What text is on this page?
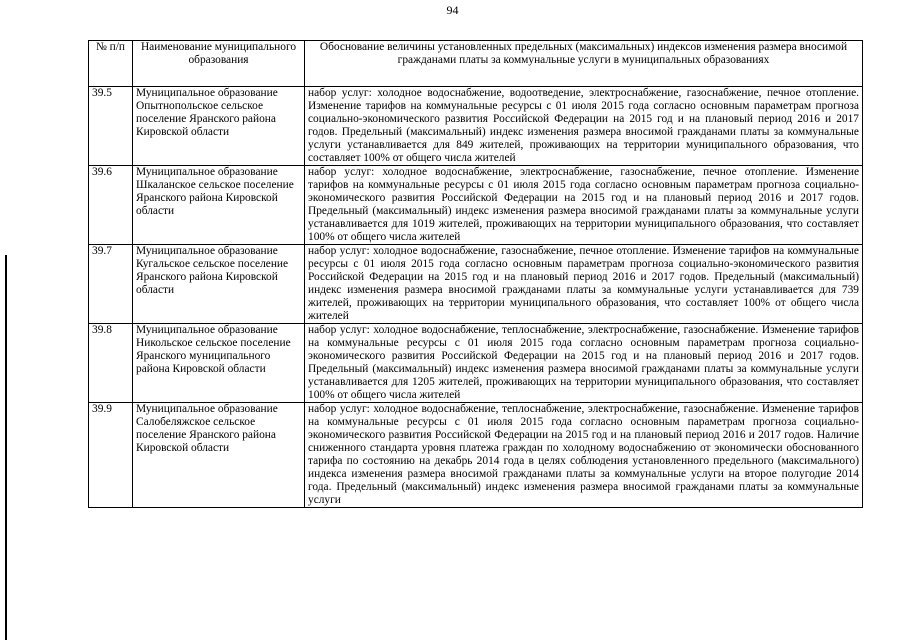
94
№ п/п	Наименование муниципального образования	Обоснование величины установленных предельных (максимальных) индексов изменения размера вносимой гражданами платы за коммунальные услуги в муниципальных образованиях
39.5	Муниципальное образование Опытнопольское сельское поселение Яранского района Кировской области	набор услуг: холодное водоснабжение, водоотведение, электроснабжение, газоснабжение, печное отопление. Изменение тарифов на коммунальные ресурсы с 01 июля 2015 года согласно основным параметрам прогноза социально-экономического развития Российской Федерации на 2015 год и на плановый период 2016 и 2017 годов. Предельный (максимальный) индекс изменения размера вносимой гражданами платы за коммунальные услуги устанавливается для 849 жителей, проживающих на территории муниципального образования, что составляет 100% от общего числа жителей
39.6	Муниципальное образование Шкаланское сельское поселение Яранского района Кировской области	набор услуг: холодное водоснабжение, электроснабжение, газоснабжение, печное отопление. Изменение тарифов на коммунальные ресурсы с 01 июля 2015 года согласно основным параметрам прогноза социально-экономического развития Российской Федерации на 2015 год и на плановый период 2016 и 2017 годов. Предельный (максимальный) индекс изменения размера вносимой гражданами платы за коммунальные услуги устанавливается для 1019 жителей, проживающих на территории муниципального образования, что составляет 100% от общего числа жителей
39.7	Муниципальное образование Кугальское сельское поселение Яранского района Кировской области	набор услуг: холодное водоснабжение, газоснабжение, печное отопление. Изменение тарифов на коммунальные ресурсы с 01 июля 2015 года согласно основным параметрам прогноза социально-экономического развития Российской Федерации на 2015 год и на плановый период 2016 и 2017 годов. Предельный (максимальный) индекс изменения размера вносимой гражданами платы за коммунальные услуги устанавливается для 739 жителей, проживающих на территории муниципального образования, что составляет 100% от общего числа жителей
39.8	Муниципальное образование Никольское сельское поселение Яранского муниципального района Кировской области	набор услуг: холодное водоснабжение, теплоснабжение, электроснабжение, газоснабжение. Изменение тарифов на коммунальные ресурсы с 01 июля 2015 года согласно основным параметрам прогноза социально-экономического развития Российской Федерации на 2015 год и на плановый период 2016 и 2017 годов. Предельный (максимальный) индекс изменения размера вносимой гражданами платы за коммунальные услуги устанавливается для 1205 жителей, проживающих на территории муниципального образования, что составляет 100% от общего числа жителей
39.9	Муниципальное образование Салобеляжское сельское поселение Яранского района Кировской области	набор услуг: холодное водоснабжение, теплоснабжение, электроснабжение, газоснабжение. Изменение тарифов на коммунальные ресурсы с 01 июля 2015 года согласно основным параметрам прогноза социально-экономического развития Российской Федерации на 2015 год и на плановый период 2016 и 2017 годов. Наличие сниженного стандарта уровня платежа граждан по холодному водоснабжению от экономически обоснованного тарифа по состоянию на декабрь 2014 года в целях соблюдения установленного предельного (максимального) индекса изменения размера вносимой гражданами платы за коммунальные услуги на второе полугодие 2014 года. Предельный (максимальный) индекс изменения размера вносимой гражданами платы за коммунальные услуги
